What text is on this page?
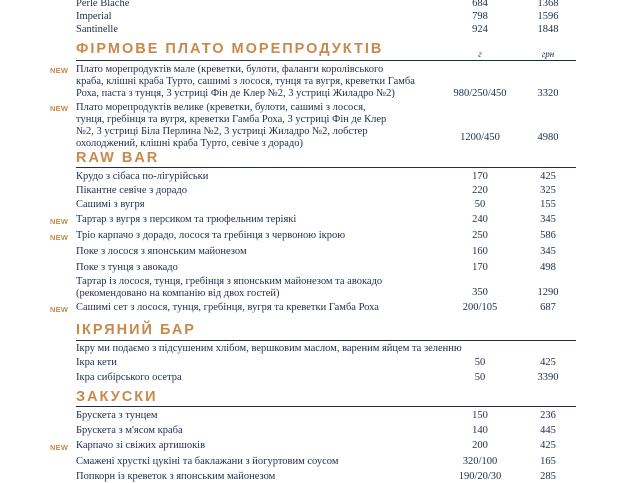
Perle Blache	684	1368
Imperial	798	1596
Santinelle	924	1848
ФІРМОВЕ ПЛАТО МОРЕПРОДУКТІВ	г	грн
NEW Плато морепродуктів мале (креветки, булоти, фаланги королівського
краба, клішні краба Турто, сашимі з лосося, тунця та вугря, креветки Гамба
Роха, паста з тунця, 3 устриці Фін де Клер №2, 3 устриці Жиладро №2)	980/250/450	3320
NEW Плато морепродуктів велике (креветки, булоти, сашимі з лосося,
тунця, гребінця та вугря, креветки Гамба Роха, 3 устриці Фін де Клер
№2, 3 устриці Біла Перлина №2, 3 устриці Жиладро №2, лобстер
охолоджений, клішні краба Турто, севіче з дорадо)
1200/450	4980
RAW BAR
Крудо з сібаса по-лігурійськи	170	425
Пікантне севіче з дорадо	220	325
Сашимі з вугря	50	155
NEW Тартар з вугря з персиком та трюфельним теріякі	240	345
NEW Тріо карпачо з дорадо, лосося та гребінця з червоною ікрою	250	586
Поке з лосося з японським майонезом	160	345
Поке з тунця з авокадо	170	498
Тартар із лосося, тунця, гребінця з японським майонезом та авокадо
(рекомендовано на компанію від двох гостей)	350	1290
NEW Сашимі сет з лосося, тунця, гребінця, вугря та креветки Гамба Роха	200/105	687
ІКРЯНИЙ БАР
Ікру ми подаємо з підсушеним хлібом, вершковим маслом, вареним яйцем та зеленню
Ікра кети	50	425
Ікра сибірського осетра	50	3390
ЗАКУСКИ
Брускета з тунцем	150	236
Брускета з м'ясом краба	140	445
NEW Карпачо зі свіжих артишоків	200	425
Смажені хрусткі цукіні та баклажани з йогуртовим соусом	320/100	165
Попкорн із креветок з японським майонезом	190/20/30	285
